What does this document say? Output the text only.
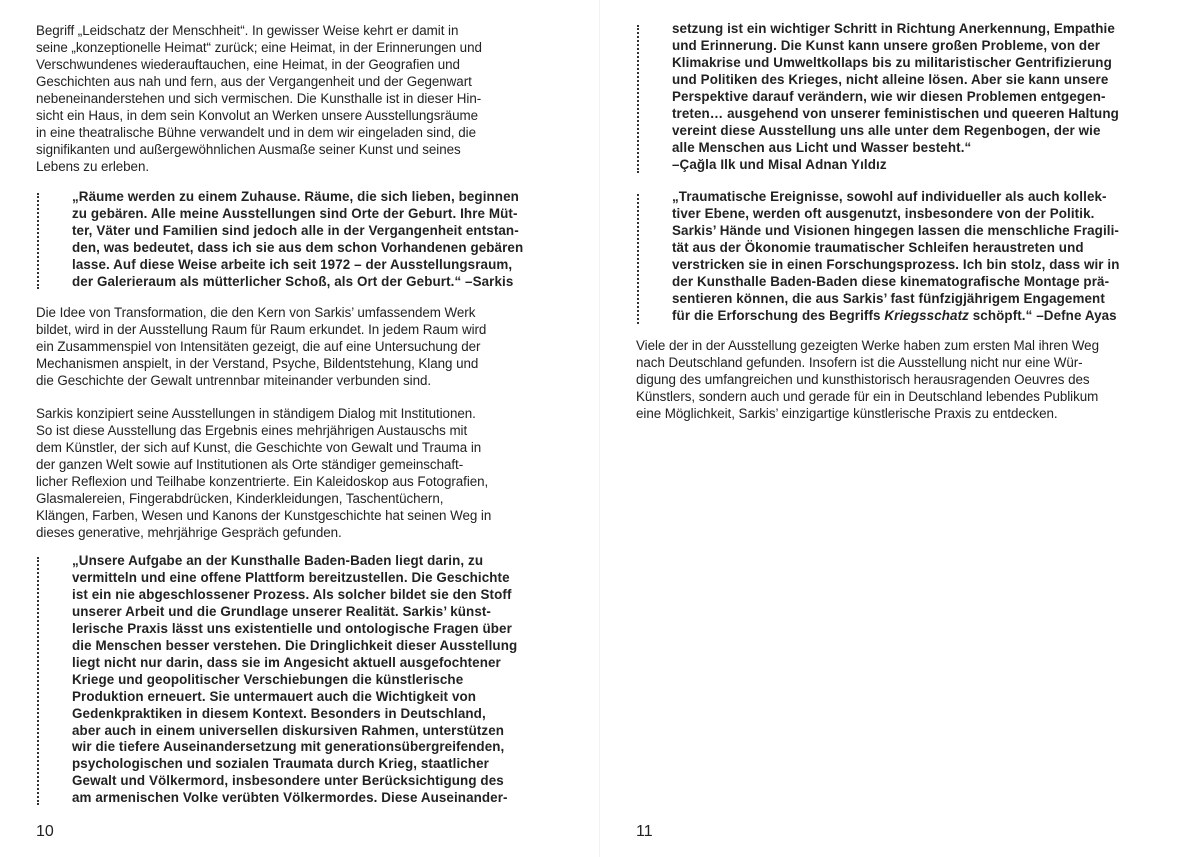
Begriff „Leidschatz der Menschheit“. In gewisser Weise kehrt er damit in
seine „konzeptionelle Heimat“ zurück; eine Heimat, in der Erinnerungen und
Verschwundenes wiederauftauchen, eine Heimat, in der Geografien und
Geschichten aus nah und fern, aus der Vergangenheit und der Gegenwart
nebeneinanderstehen und sich vermischen. Die Kunsthalle ist in dieser Hin-
sicht ein Haus, in dem sein Konvolut an Werken unsere Ausstellungsräume
in eine theatralische Bühne verwandelt und in dem wir eingeladen sind, die
signifikanten und außergewöhnlichen Ausmaße seiner Kunst und seines
Lebens zu erleben.

„Räume werden zu einem Zuhause. Räume, die sich lieben, beginnen
zu gebären. Alle meine Ausstellungen sind Orte der Geburt. Ihre Müt-
ter, Väter und Familien sind jedoch alle in der Vergangenheit entstan-
den, was bedeutet, dass ich sie aus dem schon Vorhandenen gebären
lasse. Auf diese Weise arbeite ich seit 1972 – der Ausstellungsraum,
der Galerieraum als mütterlicher Schoß, als Ort der Geburt.“ –Sarkis

Die Idee von Transformation, die den Kern von Sarkis’ umfassendem Werk
bildet, wird in der Ausstellung Raum für Raum erkundet. In jedem Raum wird
ein Zusammenspiel von Intensitäten gezeigt, die auf eine Untersuchung der
Mechanismen anspielt, in der Verstand, Psyche, Bildentstehung, Klang und
die Geschichte der Gewalt untrennbar miteinander verbunden sind.

Sarkis konzipiert seine Ausstellungen in ständigem Dialog mit Institutionen.
So ist diese Ausstellung das Ergebnis eines mehrjährigen Austauschs mit
dem Künstler, der sich auf Kunst, die Geschichte von Gewalt und Trauma in
der ganzen Welt sowie auf Institutionen als Orte ständiger gemeinschaft-
licher Reflexion und Teilhabe konzentrierte. Ein Kaleidoskop aus Fotografien,
Glasmalereien, Fingerabdrücken, Kinderkleidungen, Taschentüchern,
Klängen, Farben, Wesen und Kanons der Kunstgeschichte hat seinen Weg in
dieses generative, mehrjährige Gespräch gefunden.

„Unsere Aufgabe an der Kunsthalle Baden-Baden liegt darin, zu
vermitteln und eine offene Plattform bereitzustellen. Die Geschichte
ist ein nie abgeschlossener Prozess. Als solcher bildet sie den Stoff
unserer Arbeit und die Grundlage unserer Realität. Sarkis’ künst-
lerische Praxis lässt uns existentielle und ontologische Fragen über
die Menschen besser verstehen. Die Dringlichkeit dieser Ausstellung
liegt nicht nur darin, dass sie im Angesicht aktuell ausgefochtener
Kriege und geopolitischer Verschiebungen die künstlerische
Produktion erneuert. Sie untermauert auch die Wichtigkeit von
Gedenkpraktiken in diesem Kontext. Besonders in Deutschland,
aber auch in einem universellen diskursiven Rahmen, unterstützen
wir die tiefere Auseinandersetzung mit generationsübergreifenden,
psychologischen und sozialen Traumata durch Krieg, staatlicher
Gewalt und Völkermord, insbesondere unter Berücksichtigung des
am armenischen Volke verübten Völkermordes. Diese Auseinander-

10

setzung ist ein wichtiger Schritt in Richtung Anerkennung, Empathie
und Erinnerung. Die Kunst kann unsere großen Probleme, von der
Klimakrise und Umweltkollaps bis zu militaristischer Gentrifizierung
und Politiken des Krieges, nicht alleine lösen. Aber sie kann unsere
Perspektive darauf verändern, wie wir diesen Problemen entgegen-
treten… ausgehend von unserer feministischen und queeren Haltung
vereint diese Ausstellung uns alle unter dem Regenbogen, der wie
alle Menschen aus Licht und Wasser besteht.“
–Çağla Ilk und Misal Adnan Yıldız

„Traumatische Ereignisse, sowohl auf individueller als auch kollek-
tiver Ebene, werden oft ausgenutzt, insbesondere von der Politik.
Sarkis’ Hände und Visionen hingegen lassen die menschliche Fragili-
tät aus der Ökonomie traumatischer Schleifen heraustreten und
verstricken sie in einen Forschungsprozess. Ich bin stolz, dass wir in
der Kunsthalle Baden-Baden diese kinematografische Montage prä-
sentieren können, die aus Sarkis’ fast fünfzigjährigem Engagement
für die Erforschung des Begriffs Kriegsschatz schöpft.“ –Defne Ayas

Viele der in der Ausstellung gezeigten Werke haben zum ersten Mal ihren Weg
nach Deutschland gefunden. Insofern ist die Ausstellung nicht nur eine Wür-
digung des umfangreichen und kunsthistorisch herausragenden Oeuvres des
Künstlers, sondern auch und gerade für ein in Deutschland lebendes Publikum
eine Möglichkeit, Sarkis’ einzigartige künstlerische Praxis zu entdecken.

11
